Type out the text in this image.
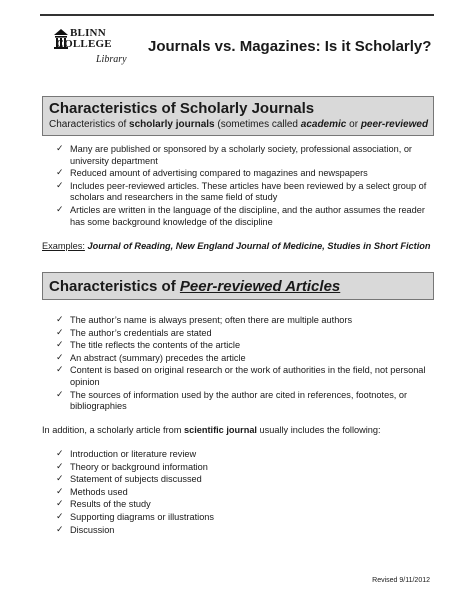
BLINN
COLLEGE
Library
Journals vs. Magazines: Is it Scholarly?
Characteristics of Scholarly Journals
Characteristics of scholarly journals (sometimes called academic or peer-reviewed
✓ Many are published or sponsored by a scholarly society, professional association, or university department
✓ Reduced amount of advertising compared to magazines and newspapers
✓ Includes peer-reviewed articles. These articles have been reviewed by a select group of scholars and researchers in the same field of study
✓ Articles are written in the language of the discipline, and the author assumes the reader has some background knowledge of the discipline
Examples: Journal of Reading, New England Journal of Medicine, Studies in Short Fiction
Characteristics of Peer-reviewed Articles
✓ The author’s name is always present; often there are multiple authors
✓ The author’s credentials are stated
✓ The title reflects the contents of the article
✓ An abstract (summary) precedes the article
✓ Content is based on original research or the work of authorities in the field, not personal opinion
✓ The sources of information used by the author are cited in references, footnotes, or bibliographies
In addition, a scholarly article from scientific journal usually includes the following:
✓ Introduction or literature review
✓ Theory or background information
✓ Statement of subjects discussed
✓ Methods used
✓ Results of the study
✓ Supporting diagrams or illustrations
✓ Discussion
Revised 9/11/2012
